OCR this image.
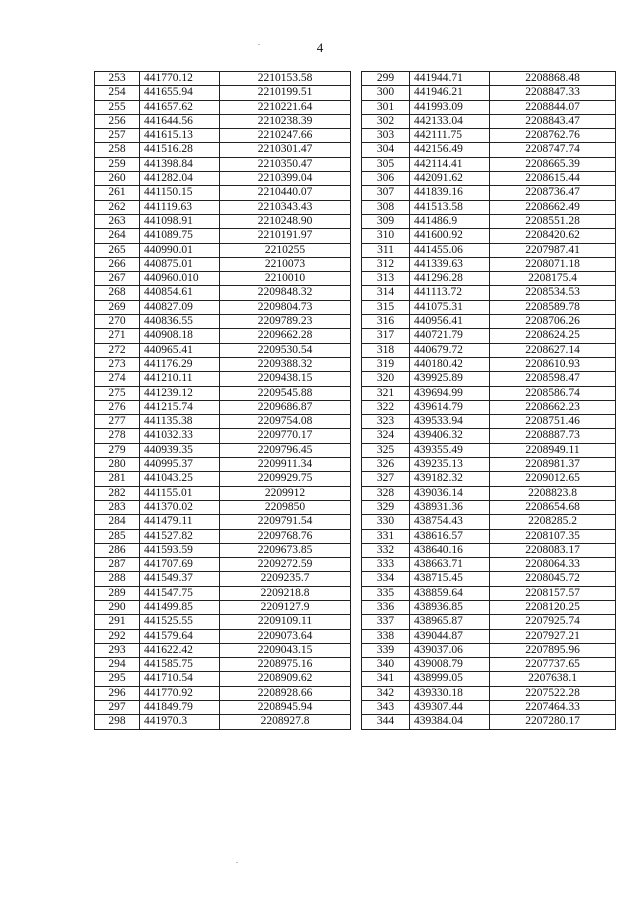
4
253	441770.12	2210153.58
254	441655.94	2210199.51
255	441657.62	2210221.64
256	441644.56	2210238.39
257	441615.13	2210247.66
258	441516.28	2210301.47
259	441398.84	2210350.47
260	441282.04	2210399.04
261	441150.15	2210440.07
262	441119.63	2210343.43
263	441098.91	2210248.90
264	441089.75	2210191.97
265	440990.01	2210255
266	440875.01	2210073
267	440960.010	2210010
268	440854.61	2209848.32
269	440827.09	2209804.73
270	440836.55	2209789.23
271	440908.18	2209662.28
272	440965.41	2209530.54
273	441176.29	2209388.32
274	441210.11	2209438.15
275	441239.12	2209545.88
276	441215.74	2209686.87
277	441135.38	2209754.08
278	441032.33	2209770.17
279	440939.35	2209796.45
280	440995.37	2209911.34
281	441043.25	2209929.75
282	441155.01	2209912
283	441370.02	2209850
284	441479.11	2209791.54
285	441527.82	2209768.76
286	441593.59	2209673.85
287	441707.69	2209272.59
288	441549.37	2209235.7
289	441547.75	2209218.8
290	441499.85	2209127.9
291	441525.55	2209109.11
292	441579.64	2209073.64
293	441622.42	2209043.15
294	441585.75	2208975.16
295	441710.54	2208909.62
296	441770.92	2208928.66
297	441849.79	2208945.94
298	441970.3	2208927.8
299	441944.71	2208868.48
300	441946.21	2208847.33
301	441993.09	2208844.07
302	442133.04	2208843.47
303	442111.75	2208762.76
304	442156.49	2208747.74
305	442114.41	2208665.39
306	442091.62	2208615.44
307	441839.16	2208736.47
308	441513.58	2208662.49
309	441486.9	2208551.28
310	441600.92	2208420.62
311	441455.06	2207987.41
312	441339.63	2208071.18
313	441296.28	2208175.4
314	441113.72	2208534.53
315	441075.31	2208589.78
316	440956.41	2208706.26
317	440721.79	2208624.25
318	440679.72	2208627.14
319	440180.42	2208610.93
320	439925.89	2208598.47
321	439694.99	2208586.74
322	439614.79	2208662.23
323	439533.94	2208751.46
324	439406.32	2208887.73
325	439355.49	2208949.11
326	439235.13	2208981.37
327	439182.32	2209012.65
328	439036.14	2208823.8
329	438931.36	2208654.68
330	438754.43	2208285.2
331	438616.57	2208107.35
332	438640.16	2208083.17
333	438663.71	2208064.33
334	438715.45	2208045.72
335	438859.64	2208157.57
336	438936.85	2208120.25
337	438965.87	2207925.74
338	439044.87	2207927.21
339	439037.06	2207895.96
340	439008.79	2207737.65
341	438999.05	2207638.1
342	439330.18	2207522.28
343	439307.44	2207464.33
344	439384.04	2207280.17
